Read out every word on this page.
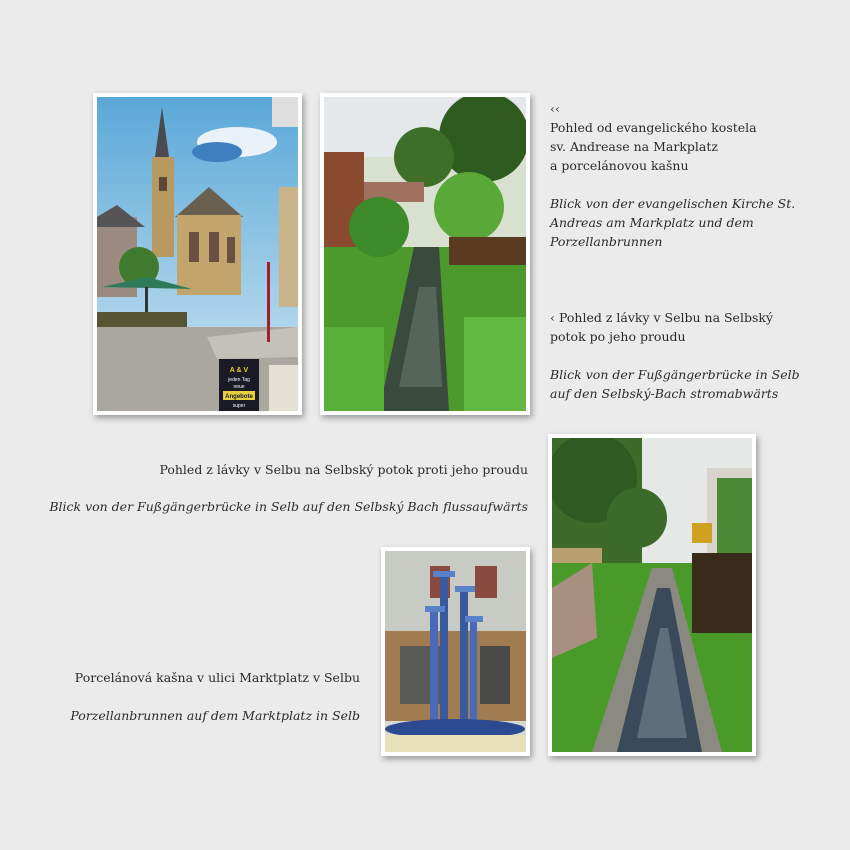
A & V
jeden Tag
neue
Angebote
super

‹‹

Pohled od evangelického kostela

sv. Andrease na Markplatz

a porcelánovou kašnu

Blick von der evangelischen Kirche St.

Andreas am Markplatz und dem

Porzellanbrunnen

‹ Pohled z lávky v Selbu na Selbský

potok po jeho proudu

Blick von der Fußgängerbrücke in Selb

auf den Selbský-Bach stromabwärts

Pohled z lávky v Selbu na Selbský potok proti jeho proudu

Blick von der Fußgängerbrücke in Selb auf den Selbský Bach flussaufwärts

Porcelánová kašna v ulici Marktplatz v Selbu

Porzellanbrunnen auf dem Marktplatz in Selb
